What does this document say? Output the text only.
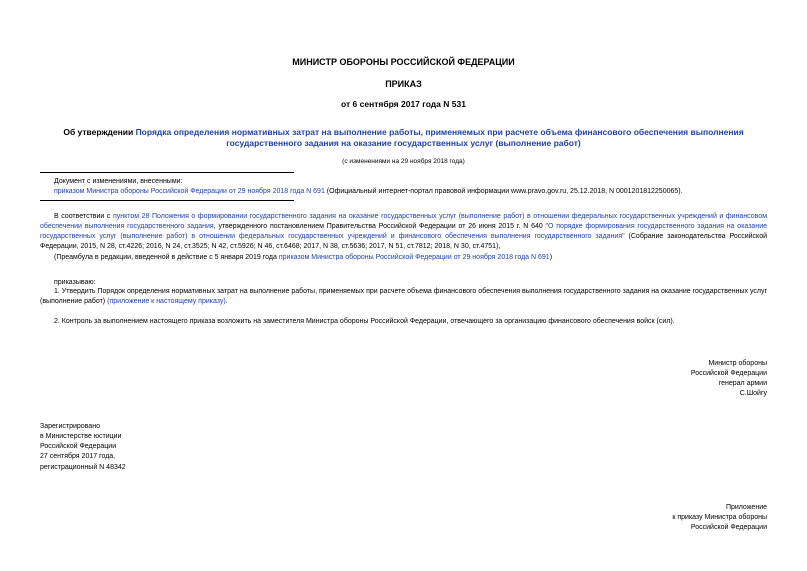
МИНИСТР ОБОРОНЫ РОССИЙСКОЙ ФЕДЕРАЦИИ
ПРИКАЗ
от 6 сентября 2017 года N 531
Об утверждении Порядка определения нормативных затрат на выполнение работы, применяемых при расчете объема финансового обеспечения выполнения государственного задания на оказание государственных услуг (выполнение работ)
(с изменениями на 29 ноября 2018 года)

Документ с изменениями, внесенными:

приказом Министра обороны Российской Федерации от 29 ноября 2018 года N 691 (Официальный интернет-портал правовой информации www.pravo.gov.ru, 25.12.2018, N 0001201812250065).

В соответствии с пунктом 28 Положения о формировании государственного задания на оказание государственных услуг (выполнение работ) в отношении федеральных государственных учреждений и финансовом обеспечении выполнения государственного задания, утвержденного постановлением Правительства Российской Федерации от 26 июня 2015 г. N 640 "О порядке формирования государственного задания на оказание государственных услуг (выполнение работ) в отношении федеральных государственных учреждений и финансового обеспечения выполнения государственного задания" (Собрание законодательства Российской Федерации, 2015, N 28, ст.4226; 2016, N 24, ст.3525; N 42, ст.5926; N 46, ст.6468; 2017, N 38, ст.5636; 2017, N 51, ст.7812; 2018, N 30, ст.4751),

(Преамбула в редакции, введенной в действие с 5 января 2019 года приказом Министра обороны Российской Федерации от 29 ноября 2018 года N 691)

приказываю:

1. Утвердить Порядок определения нормативных затрат на выполнение работы, применяемых при расчете объема финансового обеспечения выполнения государственного задания на оказание государственных услуг (выполнение работ) (приложение к настоящему приказу).

2. Контроль за выполнением настоящего приказа возложить на заместителя Министра обороны Российской Федерации, отвечающего за организацию финансового обеспечения войск (сил).

Министр обороны
Российской Федерации
генерал армии
С.Шойгу
Зарегистрировано
в Министерстве юстиции
Российской Федерации
27 сентября 2017 года,
регистрационный N 48342
Приложение
к приказу Министра обороны
Российской Федерации
